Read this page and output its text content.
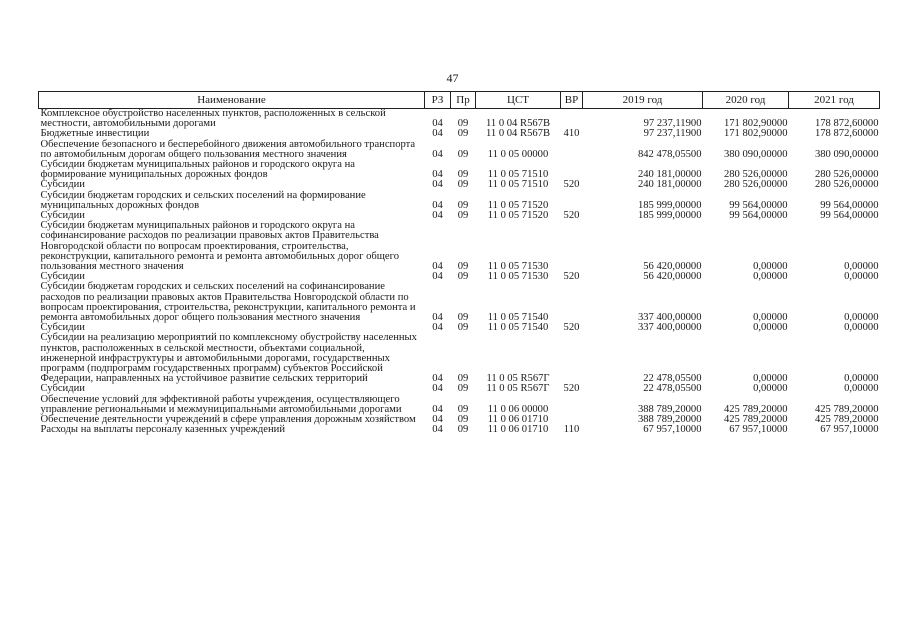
47
Наименование	РЗ	Пр	ЦСТ	ВР	2019 год	2020 год	2021 год
Комплексное обустройство населенных пунктов, расположенных в сельской местности, автомобильными дорогами	04	09	11 0 04 R567B		97 237,11900	171 802,90000	178 872,60000
Бюджетные инвестиции	04	09	11 0 04 R567B	410	97 237,11900	171 802,90000	178 872,60000
Обеспечение безопасного и бесперебойного движения автомобильного транспорта по автомобильным дорогам общего пользования местного значения	04	09	11 0 05 00000		842 478,05500	380 090,00000	380 090,00000
Субсидии бюджетам муниципальных районов и городского округа на формирование муниципальных дорожных фондов	04	09	11 0 05 71510		240 181,00000	280 526,00000	280 526,00000
Субсидии	04	09	11 0 05 71510	520	240 181,00000	280 526,00000	280 526,00000
Субсидии бюджетам городских и сельских поселений на формирование муниципальных дорожных фондов	04	09	11 0 05 71520		185 999,00000	99 564,00000	99 564,00000
Субсидии	04	09	11 0 05 71520	520	185 999,00000	99 564,00000	99 564,00000
Субсидии бюджетам муниципальных районов и городского округа на софинансирование расходов по реализации правовых актов Правительства Новгородской области по вопросам проектирования, строительства, реконструкции, капитального ремонта и ремонта автомобильных дорог общего пользования местного значения	04	09	11 0 05 71530		56 420,00000	0,00000	0,00000
Субсидии	04	09	11 0 05 71530	520	56 420,00000	0,00000	0,00000
Субсидии бюджетам городских и сельских поселений на софинансирование расходов по реализации правовых актов Правительства Новгородской области по вопросам проектирования, строительства, реконструкции, капитального ремонта и ремонта автомобильных дорог общего пользования местного значения	04	09	11 0 05 71540		337 400,00000	0,00000	0,00000
Субсидии	04	09	11 0 05 71540	520	337 400,00000	0,00000	0,00000
Субсидии на реализацию мероприятий по комплексному обустройству населенных пунктов, расположенных в сельской местности, объектами социальной, инженерной инфраструктуры и автомобильными дорогами, государственных программ (подпрограмм государственных программ) субъектов Российской Федерации, направленных на устойчивое развитие сельских территорий	04	09	11 0 05 R567Г		22 478,05500	0,00000	0,00000
Субсидии	04	09	11 0 05 R567Г	520	22 478,05500	0,00000	0,00000
Обеспечение условий для эффективной работы учреждения, осуществляющего управление региональными и межмуниципальными автомобильными дорогами	04	09	11 0 06 00000		388 789,20000	425 789,20000	425 789,20000
Обеспечение деятельности учреждений в сфере управления дорожным хозяйством	04	09	11 0 06 01710		388 789,20000	425 789,20000	425 789,20000
Расходы на выплаты персоналу казенных учреждений	04	09	11 0 06 01710	110	67 957,10000	67 957,10000	67 957,10000
